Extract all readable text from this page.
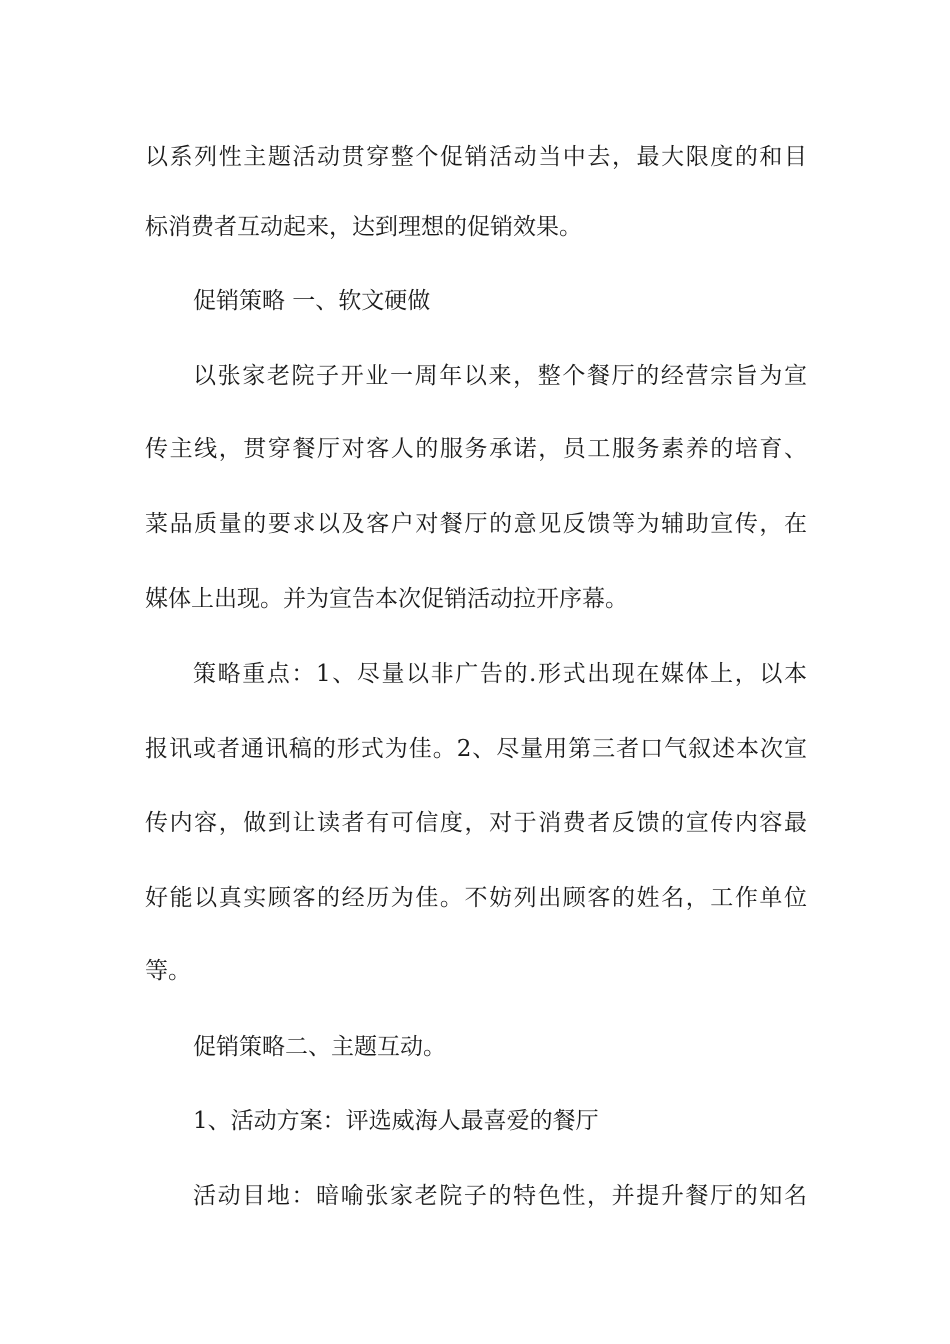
以系列性主题活动贯穿整个促销活动当中去，最大限度的和目
标消费者互动起来，达到理想的促销效果。
促销策略 一、软文硬做
以张家老院子开业一周年以来，整个餐厅的经营宗旨为宣
传主线，贯穿餐厅对客人的服务承诺，员工服务素养的培育、
菜品质量的要求以及客户对餐厅的意见反馈等为辅助宣传，在
媒体上出现。并为宣告本次促销活动拉开序幕。
策略重点：1、尽量以非广告的.形式出现在媒体上，以本
报讯或者通讯稿的形式为佳。2、尽量用第三者口气叙述本次宣
传内容，做到让读者有可信度，对于消费者反馈的宣传内容最
好能以真实顾客的经历为佳。不妨列出顾客的姓名，工作单位
等。
促销策略二、主题互动。
1、活动方案：评选威海人最喜爱的餐厅
活动目地：暗喻张家老院子的特色性，并提升餐厅的知名
